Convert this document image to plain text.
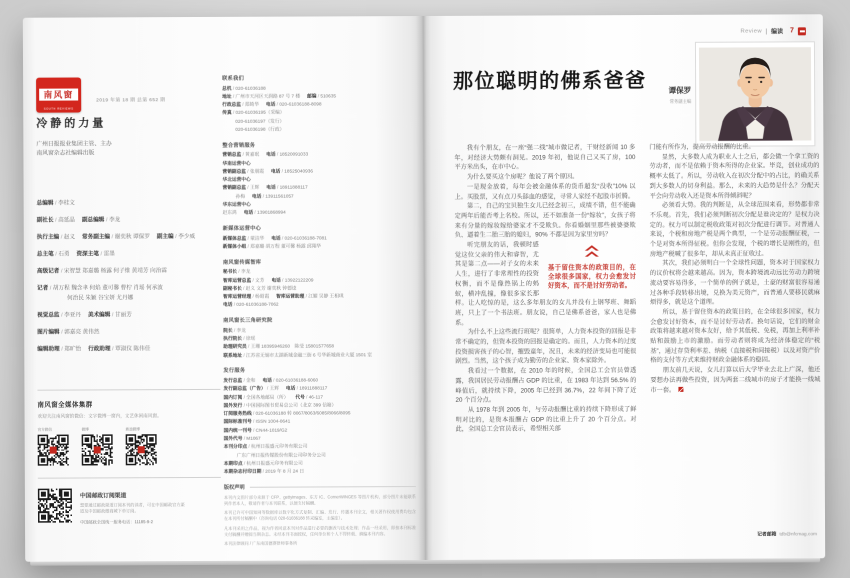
南风窗
SOUTH REVIEWS
2019 年第 18 期 总第 652 期
冷静的力量
广州日报报业集团主管、主办
南风窗杂志社编辑出版
总编辑 / 李桂文
副社长 / 高延晶 副总编辑 / 李龙
执行主编 / 赵义 常务副主编 / 谢奕秋 谭保罗 副主编 / 李少威
总主笔 / 石勇 资深主笔 / 雷墨
高级记者 / 宋智慧 郑嘉璐 杨露 何子维 黄靖芳 向治霖
记者 / 胡万程 魏含聿 何焰 董可馨 曹柠 肖瑶 何承波
何治民 朱颖 谷宝妍 尤丹娜
视觉总监 / 李亚丹 美术编辑 / 甘丽芳
图片编辑 / 郭嘉亮 黄伟然
编辑助理 / 郑旷怡 行政助理 / 覃淑仪 陈伟佳
南风窗全媒体集群
欢迎关注南风窗的微信：文字微博一窗内，文艺休闲南风窗。
官方微信	微博	新浪微博
中国邮政订阅渠道
想要通过邮政渠道订阅本刊的读者，可在中国邮政官方渠
道及中国邮政微商城下单订阅。
中国邮政全国统一服务电话：11185-9-2
联系我们
总机 / 020-61036188
地址 / 广州市天河区天润路 87 号 7 楼 邮编 / 510635
行政总监 / 郑绮华 电话 / 020-61036188-8098
传真 / 020-61036195（采编）
020-61036197（发行）
020-61036198（行政）
整合营销服务
营销总监 / 黄嘉珉 电话 / 18520091033
华南运营中心
营销副总监 / 张朋霞 电话 / 18525040936
华北运营中心
营销副总监 / 王辉 电话 / 18911888117
孙梅 电话 / 13911561057
华东运营中心
赵东鸿 电话 / 13901868994
新媒体运营中心
新媒体总监 / 蒙洁华 电话 / 020-61036188-7081
新媒体小组 / 郑嘉璐 胡万程 董可馨 杨露 邱翔华
南风窗传媒智库
秘书长 / 李龙
智库运营总监 / 文芳 电话 / 13922122209
副秘书长 / 赵义 文芳 谢奕秋 钟德逵
智库运营经理 / 杨昭霞 智库运营助理 / 江媚 吴静 王相琪
电话 / 020-61036188-7062
南风窗长三角研究院
院长 / 李龙
执行院长 / 徐瑶
助理研究员 / 王珊 18395946260　陈莹 15801577658
联系地址 / 江苏省无锡市太湖新城金融三街 6 号华新城商业大厦 1501 室
发行服务
发行总监 / 金和 电话 / 020-61036188-6060
发行副总监（广告） / 王辉 电话 / 18911888117
国内订阅 / 全国各地邮局（所） 代号 / 46-117
国外发行 / 中国国际图书贸易总公司（北京 399 信箱）
订阅服务热线 / 020-61036188 转 8067/8063/6085/8066/8095
国际标准刊号 / ISSN 1004-0641
国内统一刊号 / CN44-1019/G2
国外代号 / M1067
本刊分印点 / 杭州日报盛元印务有限公司
广东广州日报传媒股份有限公司印务分公司
本期印点 / 杭州日报盛元印务有限公司
本期杂志付印日期 / 2019 年 8 月 24 日
版权声明
本刊内文图片部分来源于 CFP、gettyimages、东方 IC、CornerWINGES 等图片机构，部分图片未能联系到作者本人，敬请作者与本刊联系，以便支付稿酬。
本刊已许可中国知网等数据库以数字化方式复制、汇编、发行、传播本刊全文，相关著作权使用费均包含在本刊所付稿酬中（咨询电话 020-61036188 转采编室，主编室）。
凡本刊采用之作品，视为作者同意本刊对作品进行必要的删改与技术处理；作品一经采用，即按本刊标准支付稿酬并赠阅当期杂志。未经本刊书面授权，任何单位和个人不得转载、摘编本刊内容。
本刊法律顾问 / 广东南国德赛律师事务所
Review 编读 7
那位聪明的佛系爸爸	谭保罗
常务副主编

我有个朋友，在一座“强二线”城市做记者，干财经新闻 10 多年，对经济大势颇有洞见。2019 年初，他说自己又买了房，100 平方米出头，在市中心。

为什么要买这个房呢？他说了两个原因。

一是现金放着，每年会被金融体系的货币超发“没收”10% 以上。买股票，又有点刀头舔血的感觉，寻常人家经不起股市折腾。

第二，自己的宝贝独生女儿已经念初三，成绩不错，但不能确定两年后能否考上名校。所以，还不如准备一份“嫁妆”，女孩子将来有分量的嫁妆嫁给婆家才不受欺负。你看婚姻里那些被婆婆欺负、逼着生二胎三胎的媳妇，90% 不都是因为家里穷吗？

基于留住资本的政策目的，在全球很多国家，权力会愈发讨好资本，而不是讨好劳动者。

听完朋友的话，我顿时感觉这位父亲的伟大和睿智，尤其是第二点——对子女的未来人生，进行了非常理性的投资权衡，而不是像热锅上的蚂蚁，横冲乱撞，像很多家长那样。让人吃惊的是，这么多年朋友的女儿并没有上钢琴班、舞蹈班，只上了一个书法班。朋友说，自己是佛系爸爸，家人也是佛系。

为什么不上这些流行班呢？很简单，人力资本投资的回报是非常不确定的，但资本投资的回报是确定的。而且，人力资本的过度投资损害孩子的心智，摧毁童年，况且，未来的经济变局也可能很剧烈。当然，这个孩子成为勤劳的企业家、资本家除外。

我看过一个数据，在 2010 年的时候，全国总工会官员曾透露，我国居民劳动报酬占 GDP 的比重，在 1983 年达到 56.5% 的峰值后，就持续下降，2005 年已经到 36.7%，22 年间下降了近 20 个百分点。

从 1978 年到 2005 年，与劳动报酬比重的持续下降形成了鲜明对比的，是资本报酬占 GDP 的比重上升了 20 个百分点。对此，全国总工会官员表示，希望相关部

门能有所作为，提高劳动报酬的比重。

显然，大多数人成为职业人士之后，都会做一个拿工资的劳动者，而不是依赖于资本所得的企业家。毕竟，创业成功的概率太低了。所以，劳动收入在初次分配中的占比，的确关系到大多数人的切身利益。那么，未来的大趋势是什么？分配天平会向劳动收入还是资本所得倾斜呢？

必须看大势。我的判断是，从全球范围来看，形势都非常不乐观。首先，我们必须判断初次分配是谁决定的？是权力决定的。权力可以制定税收政策对初次分配进行调节。对普通人来说，个税和房地产税是两个典型，一个是劳动报酬征税，一个是对资本所得征税。但你会发现，个税的增长是刚性的，但房地产税喊了很多年，却从未真正征收过。

其次，我们必须明白一个全球性问题，资本对于国家权力的议价权将会越来越高。因为，资本跨境流动远比劳动力跨境流动要容易得多，一个简单的例子就是，土豪的财富很容易通过各种手段转移出境，兑换为美元资产，而普通人要移民就麻烦得多，就是这个道理。

所以，基于留住资本的政策目的，在全球很多国家，权力会愈发讨好资本，而不是讨好劳动者。换句话说，它们的财金政策将越来越对资本友好，给予其低税、免税，再加上利率补贴和鼓励上市的激励。而劳动者则将成为经济体稳定的“税基”，通过存贷利率差、纳税（直接税和间接税）以及对资产价格的支付等方式来维持财政金融体系的稳固。

朋友前几天说，女儿打算以后大学毕业去北上广深，他还要想办法再做些投资，因为两套二线城市的房子才能换一线城市一套。

记者邮箱 tdb@nfcmag.com
